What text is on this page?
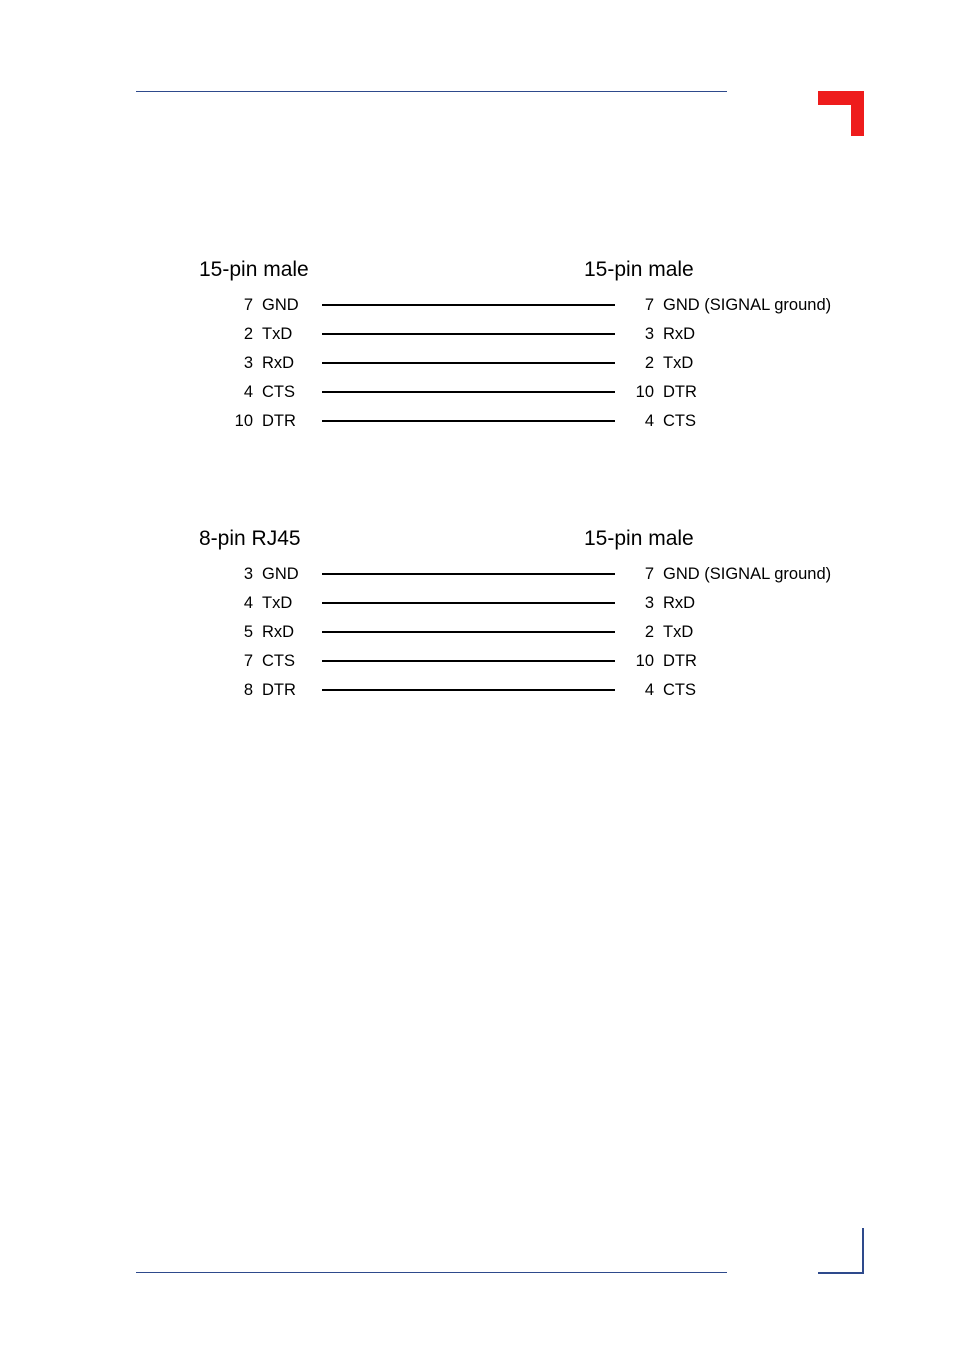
15-pin male	15-pin male
7 GND	7 GND (SIGNAL ground)
2 TxD	3 RxD
3 RxD	2 TxD
4 CTS	10 DTR
10 DTR	4 CTS
8-pin RJ45	15-pin male
3 GND	7 GND (SIGNAL ground)
4 TxD	3 RxD
5 RxD	2 TxD
7 CTS	10 DTR
8 DTR	4 CTS
